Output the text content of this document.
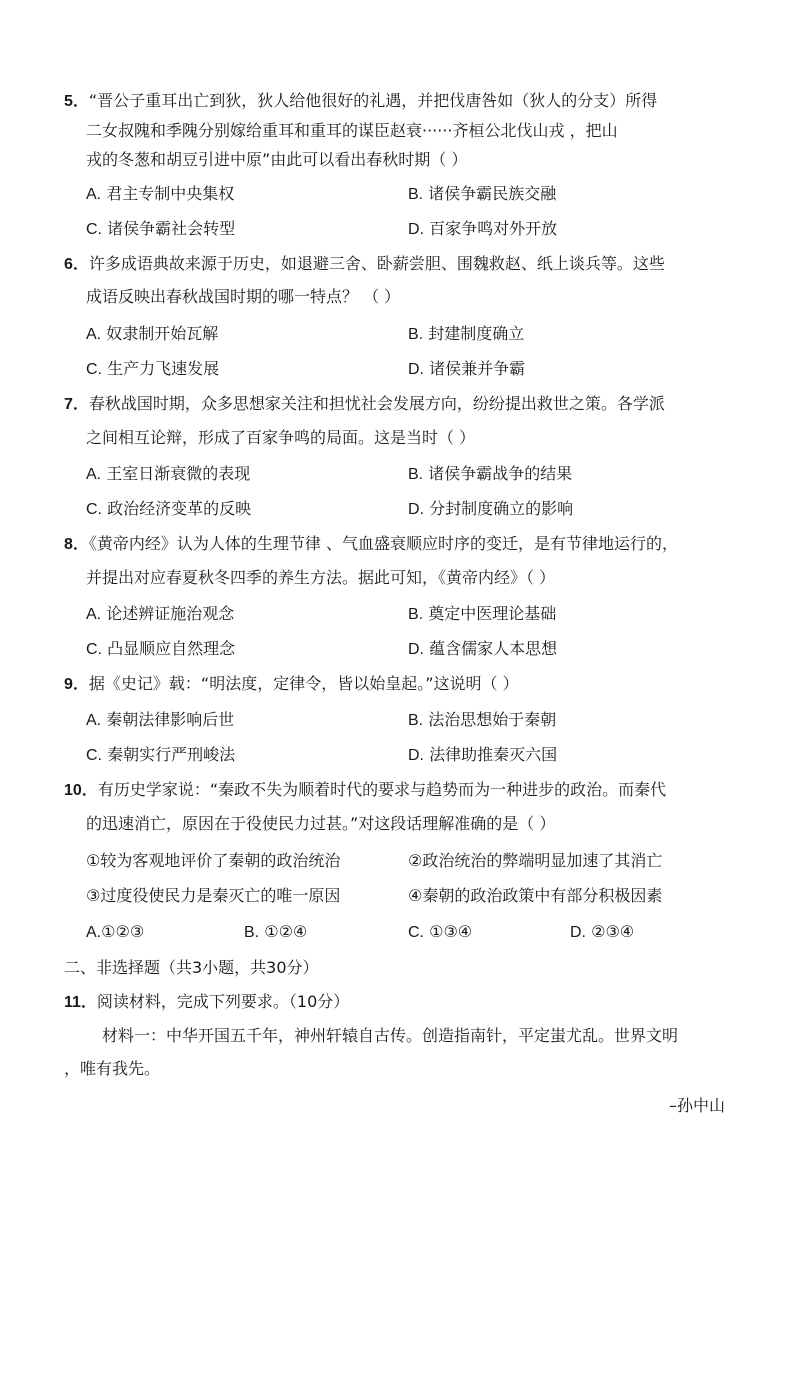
5．“晋公子重耳出亡到狄，狄人给他很好的礼遇，并把伐唐咎如（狄人的分支）所得
二女叔隗和季隗分别嫁给重耳和重耳的谋臣赵衰······齐桓公北伐山戎 ，把山
戎的冬葱和胡豆引进中原”由此可以看出春秋时期（ ）
A. 君主专制中央集权	B. 诸侯争霸民族交融
C. 诸侯争霸社会转型	D. 百家争鸣对外开放
6．许多成语典故来源于历史，如退避三舍、卧薪尝胆、围魏救赵、纸上谈兵等。这些
成语反映出春秋战国时期的哪一特点？ （ ）
A. 奴隶制开始瓦解	B. 封建制度确立
C. 生产力飞速发展	D. 诸侯兼并争霸
7．春秋战国时期，众多思想家关注和担忧社会发展方向，纷纷提出救世之策。各学派
之间相互论辩，形成了百家争鸣的局面。这是当时（ ）
A. 王室日渐衰微的表现	B. 诸侯争霸战争的结果
C. 政治经济变革的反映	D. 分封制度确立的影响
8．《黄帝内经》认为人体的生理节律 、气血盛衰顺应时序的变迁，是有节律地运行的，
并提出对应春夏秋冬四季的养生方法。据此可知，《黄帝内经》（ ）
A. 论述辨证施治观念	B. 奠定中医理论基础
C. 凸显顺应自然理念	D. 蕴含儒家人本思想
9．据《史记》载：“明法度，定律令，皆以始皇起。”这说明（ ）
A. 秦朝法律影响后世	B. 法治思想始于秦朝
C. 秦朝实行严刑峻法	D. 法律助推秦灭六国
10．有历史学家说：“秦政不失为顺着时代的要求与趋势而为一种进步的政治。而秦代
的迅速消亡，原因在于役使民力过甚。”对这段话理解准确的是（ ）
①较为客观地评价了秦朝的政治统治	②政治统治的弊端明显加速了其消亡
③过度役使民力是秦灭亡的唯一原因	④秦朝的政治政策中有部分积极因素
A.①②③	B. ①②④	C. ①③④	D. ②③④
二、非选择题（共3小题，共30分）
11．阅读材料，完成下列要求。（10分）
材料一：中华开国五千年，神州轩辕自古传。创造指南针，平定蚩尤乱。世界文明
，唯有我先。
–孙中山
